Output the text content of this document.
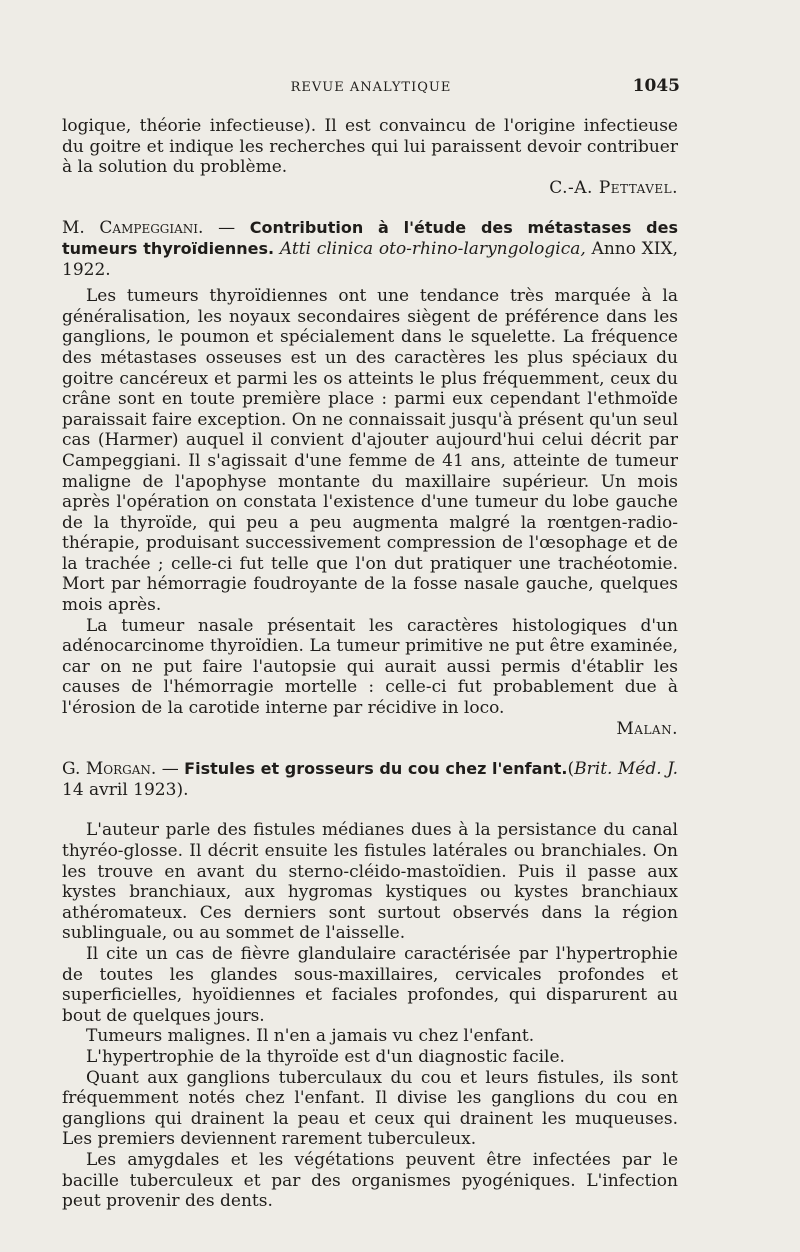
REVUE ANALYTIQUE	1045

logique, théorie infectieuse). Il est convaincu de l'origine infectieuse du goitre et indique les recherches qui lui paraissent devoir contribuer à la solution du problème.

C.-A. Pettavel.

M. Campeggiani. — Contribution à l'étude des métastases des tumeurs thyroïdiennes. Atti clinica oto-rhino-laryngologica, Anno XIX, 1922.

Les tumeurs thyroïdiennes ont une tendance très marquée à la généralisation, les noyaux secondaires siègent de préférence dans les ganglions, le poumon et spécialement dans le squelette. La fréquence des métastases osseuses est un des caractères les plus spéciaux du goitre cancéreux et parmi les os atteints le plus fréquemment, ceux du crâne sont en toute première place : parmi eux cependant l'ethmoïde paraissait faire exception. On ne connaissait jusqu'à présent qu'un seul cas (Harmer) auquel il convient d'ajouter aujourd'hui celui décrit par Campeggiani. Il s'agissait d'une femme de 41 ans, atteinte de tumeur maligne de l'apophyse montante du maxillaire supérieur. Un mois après l'opération on constata l'existence d'une tumeur du lobe gauche de la thyroïde, qui peu a peu augmenta malgré la rœntgen-radio-thérapie, produisant successivement compression de l'œsophage et de la trachée ; celle-ci fut telle que l'on dut pratiquer une trachéotomie. Mort par hémorragie foudroyante de la fosse nasale gauche, quelques mois après.

La tumeur nasale présentait les caractères histologiques d'un adénocarcinome thyroïdien. La tumeur primitive ne put être examinée, car on ne put faire l'autopsie qui aurait aussi permis d'établir les causes de l'hémorragie mortelle : celle-ci fut probablement due à l'érosion de la carotide interne par récidive in loco.

Malan.

G. Morgan. — Fistules et grosseurs du cou chez l'enfant.(Brit. Méd. J. 14 avril 1923).

L'auteur parle des fistules médianes dues à la persistance du canal thyréo-glosse. Il décrit ensuite les fistules latérales ou branchiales. On les trouve en avant du sterno-cléido-mastoïdien. Puis il passe aux kystes branchiaux, aux hygromas kystiques ou kystes branchiaux athéromateux. Ces derniers sont surtout observés dans la région sublinguale, ou au sommet de l'aisselle.

Il cite un cas de fièvre glandulaire caractérisée par l'hypertrophie de toutes les glandes sous-maxillaires, cervicales profondes et superficielles, hyoïdiennes et faciales profondes, qui disparurent au bout de quelques jours.

Tumeurs malignes. Il n'en a jamais vu chez l'enfant.

L'hypertrophie de la thyroïde est d'un diagnostic facile.

Quant aux ganglions tuberculaux du cou et leurs fistules, ils sont fréquemment notés chez l'enfant. Il divise les ganglions du cou en ganglions qui drainent la peau et ceux qui drainent les muqueuses. Les premiers deviennent rarement tuberculeux.

Les amygdales et les végétations peuvent être infectées par le bacille tuberculeux et par des organismes pyogéniques. L'infection peut provenir des dents.
